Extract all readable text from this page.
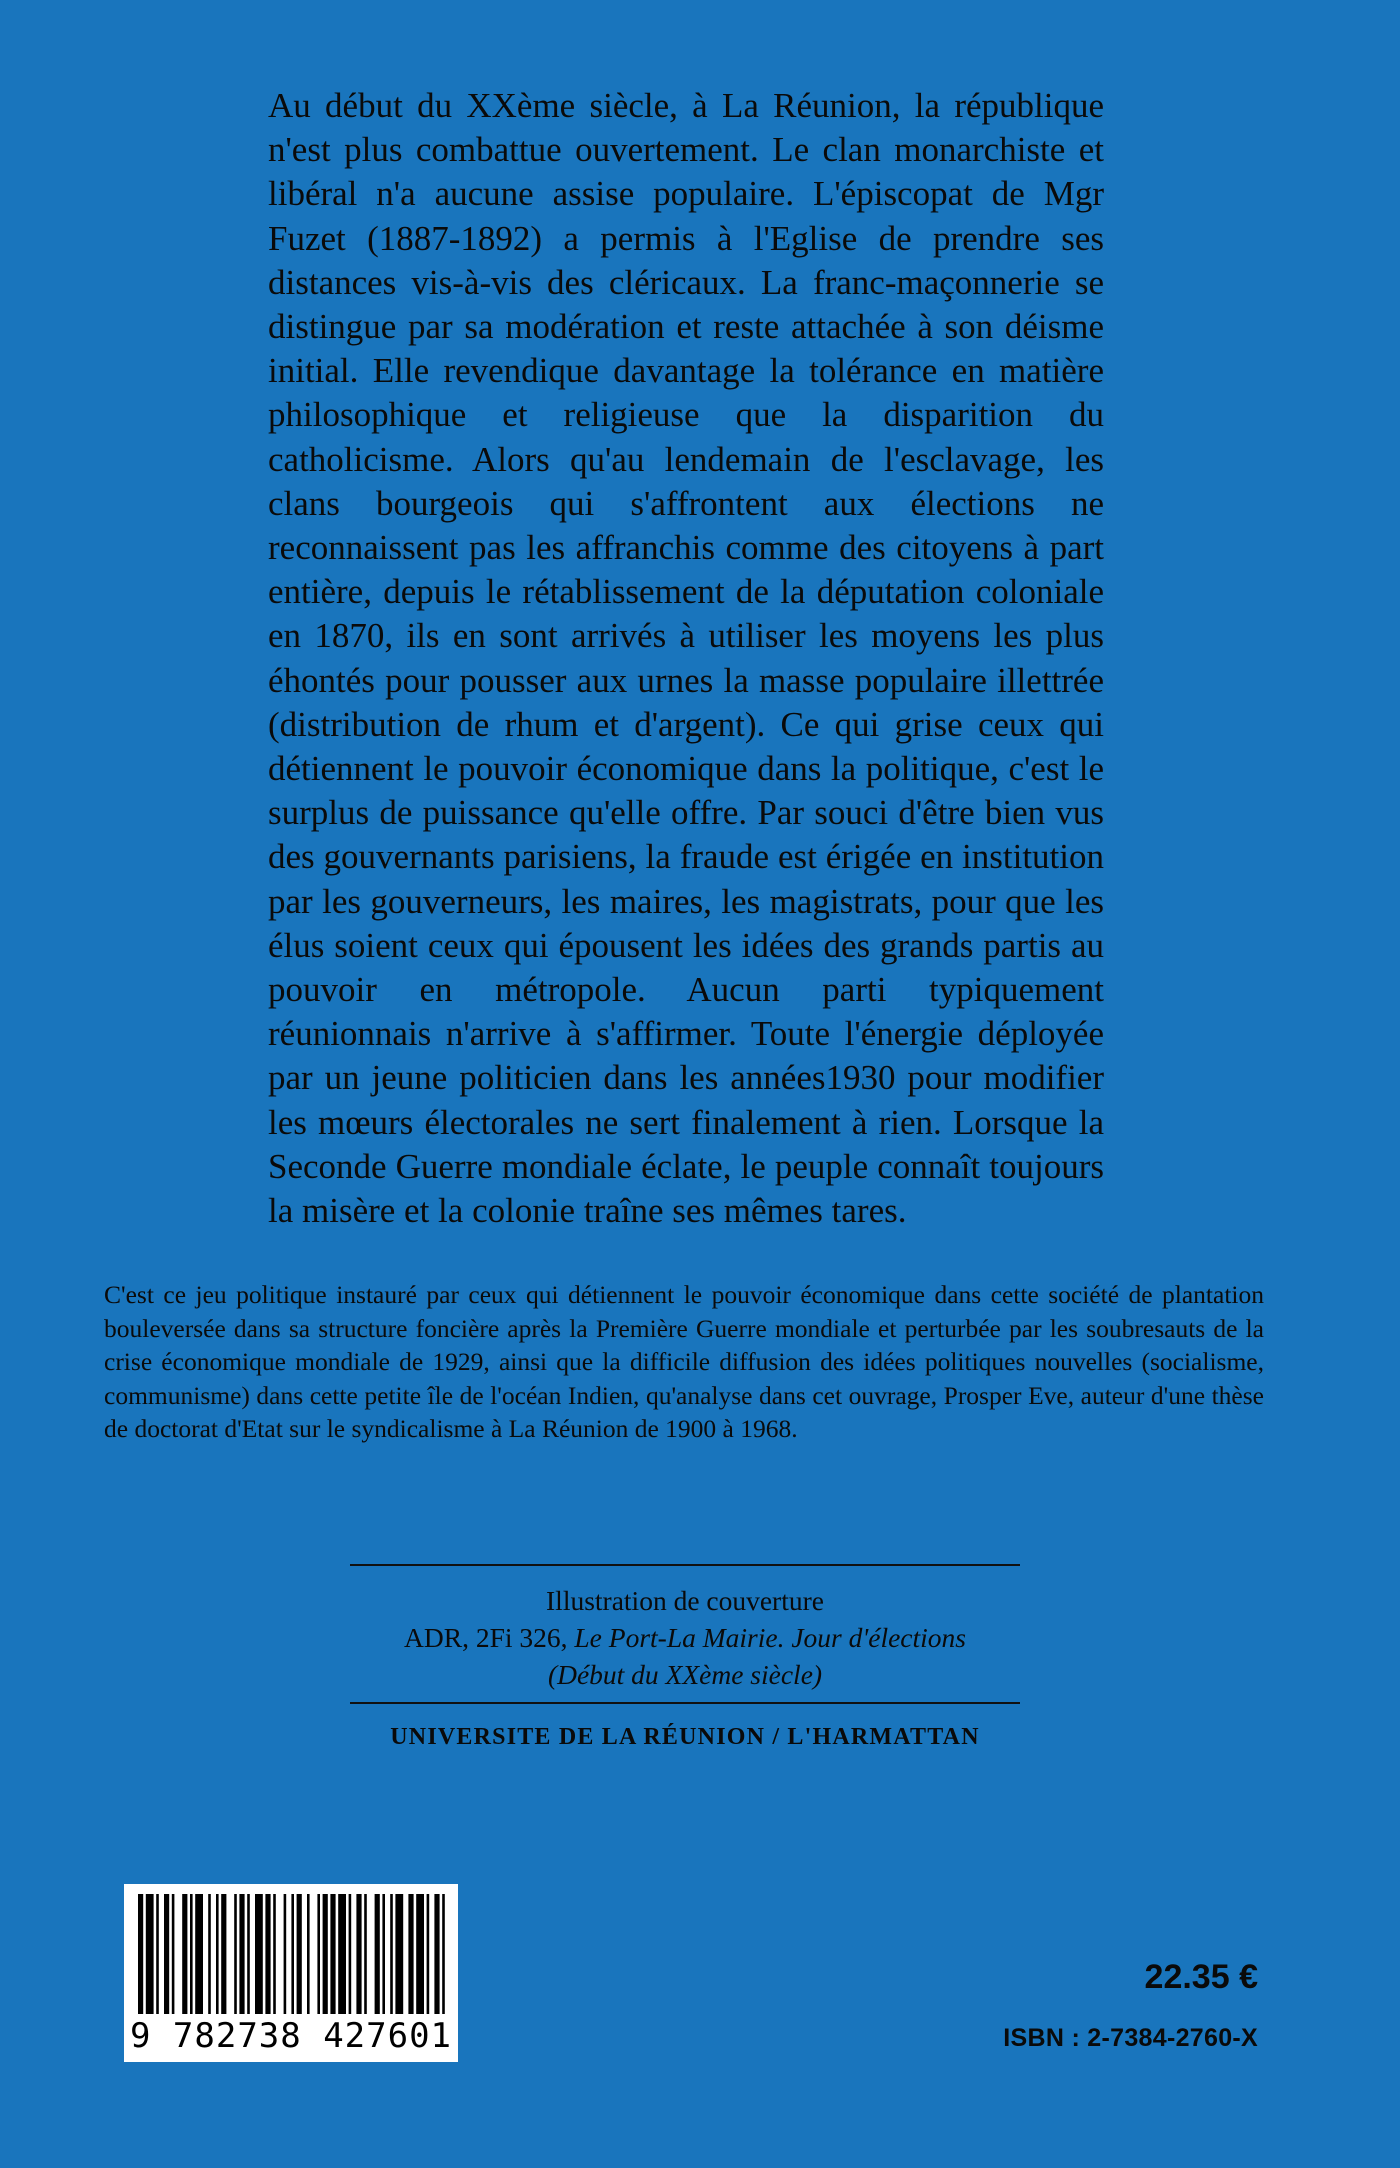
Au début du XXème siècle, à La Réunion, la république n'est plus combattue ouvertement. Le clan monarchiste et libéral n'a aucune assise populaire. L'épiscopat de Mgr Fuzet (1887-1892) a permis à l'Eglise de prendre ses distances vis-à-vis des cléricaux. La franc-maçonnerie se distingue par sa modération et reste attachée à son déisme initial. Elle revendique davantage la tolérance en matière philosophique et religieuse que la disparition du catholicisme. Alors qu'au lendemain de l'esclavage, les clans bourgeois qui s'affrontent aux élections ne reconnaissent pas les affranchis comme des citoyens à part entière, depuis le rétablissement de la députation coloniale en 1870, ils en sont arrivés à utiliser les moyens les plus éhontés pour pousser aux urnes la masse populaire illettrée (distribution de rhum et d'argent). Ce qui grise ceux qui détiennent le pouvoir économique dans la politique, c'est le surplus de puissance qu'elle offre. Par souci d'être bien vus des gouvernants parisiens, la fraude est érigée en institution par les gouverneurs, les maires, les magistrats, pour que les élus soient ceux qui épousent les idées des grands partis au pouvoir en métropole. Aucun parti typiquement réunionnais n'arrive à s'affirmer. Toute l'énergie déployée par un jeune politicien dans les années1930 pour modifier les mœurs électorales ne sert finalement à rien. Lorsque la Seconde Guerre mondiale éclate, le peuple connaît toujours la misère et la colonie traîne ses mêmes tares.

C'est ce jeu politique instauré par ceux qui détiennent le pouvoir économique dans cette société de plantation bouleversée dans sa structure foncière après la Première Guerre mondiale et perturbée par les soubresauts de la crise économique mondiale de 1929, ainsi que la difficile diffusion des idées politiques nouvelles (socialisme, communisme) dans cette petite île de l'océan Indien, qu'analyse dans cet ouvrage, Prosper Eve, auteur d'une thèse de doctorat d'Etat sur le syndicalisme à La Réunion de 1900 à 1968.

Illustration de couverture
ADR, 2Fi 326, Le Port-La Mairie. Jour d'élections
(Début du XXème siècle)
UNIVERSITE DE LA RÉUNION / L'HARMATTAN
9 782738 427601
22.35 €
ISBN : 2-7384-2760-X
